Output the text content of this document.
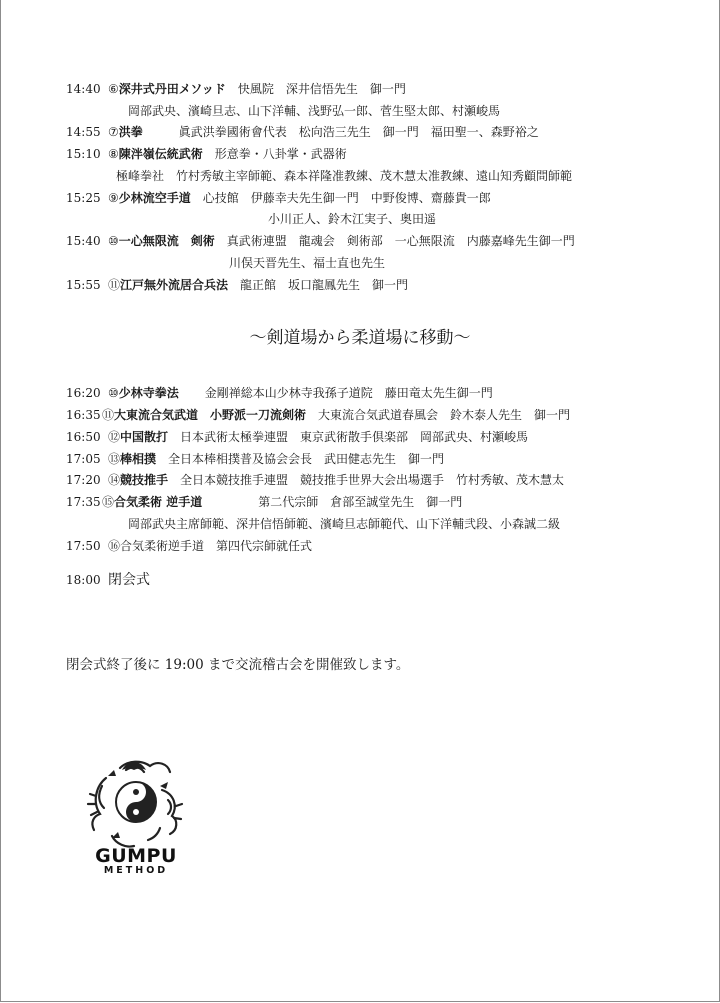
14:40 ⑥深井式丹田メソッド 快風院　深井信悟先生　御一門
岡部武央、濱崎旦志、山下洋輔、浅野弘一郎、菅生堅太郎、村瀬峻馬
14:55 ⑦洪拳	眞武洪拳國術會代表　松向浩三先生　御一門　福田聖一、森野裕之
15:10 ⑧陳泮嶺伝統武術 形意拳・八卦掌・武器術
極峰拳社　竹村秀敏主宰師範、森本祥隆准教練、茂木慧太准教練、遠山知秀顧問師範
15:25 ⑨少林流空手道 心技館　伊藤幸夫先生御一門　中野俊博、齋藤貴一郎
小川正人、鈴木江実子、奥田遥
15:40 ⑩一心無限流　剣術 真武術連盟　龍魂会　剣術部　一心無限流　内藤嘉峰先生御一門
川俣天晋先生、福士直也先生
15:55 ⑪江戸無外流居合兵法 龍正館　坂口龍鳳先生　御一門
～剣道場から柔道場に移動～
16:20 ⑩少林寺拳法 金剛禅総本山少林寺我孫子道院　藤田竜太先生御一門
16:35⑪大東流合気武道　小野派一刀流剣術 大東流合気武道春風会　鈴木泰人先生　御一門
16:50 ⑫中国散打 日本武術太極拳連盟　東京武術散手倶楽部　岡部武央、村瀬峻馬
17:05 ⑬棒相撲 全日本棒相撲普及協会会長　武田健志先生　御一門
17:20 ⑭競技推手 全日本競技推手連盟　競技推手世界大会出場選手　竹村秀敏、茂木慧太
17:35⑮合気柔術 逆手道	第二代宗師　倉部至誠堂先生　御一門
岡部武央主席師範、深井信悟師範、濱崎旦志師範代、山下洋輔弐段、小森誠二級
17:50 ⑯合気柔術逆手道　第四代宗師就任式
18:00 閉会式
閉会式終了後に 19:00 まで交流稽古会を開催致します。
GUMPU
METHOD
